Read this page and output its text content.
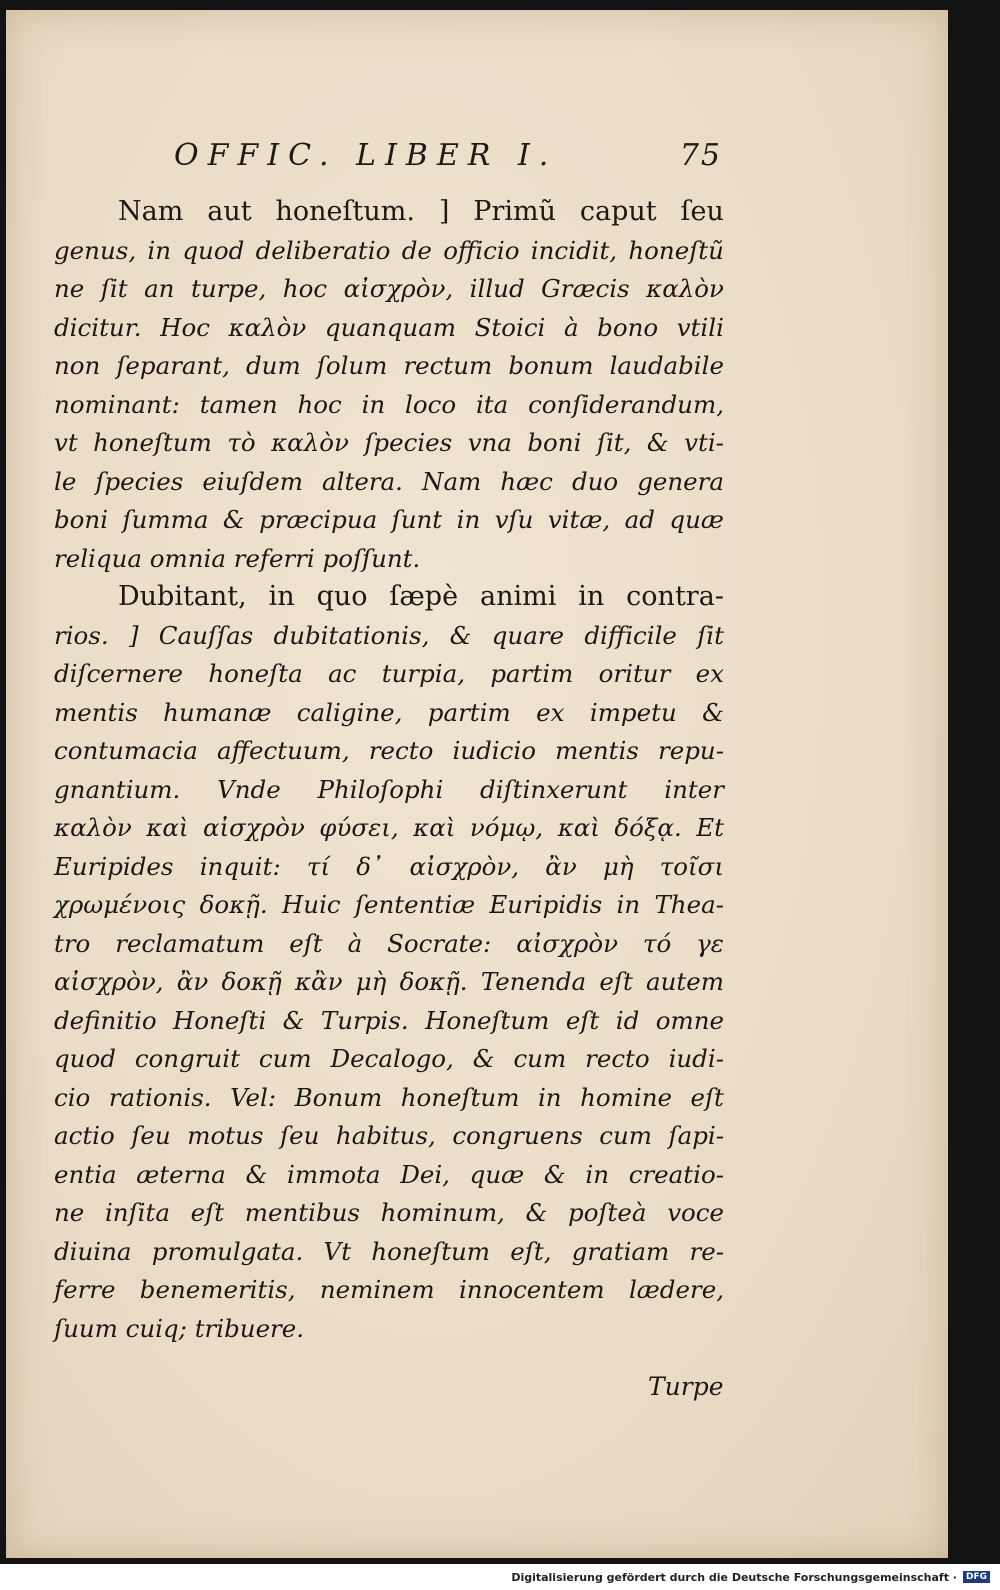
OFFIC. LIBER I.	75
Nam aut honeſtum. ] Primũ caput ſeu
genus, in quod deliberatio de officio incidit, honeſtũ
ne ſit an turpe, hoc αἰσχρὸν, illud Græcis καλὸν
dicitur. Hoc καλὸν quanquam Stoici à bono vtili
non ſeparant, dum ſolum rectum bonum laudabile
nominant: tamen hoc in loco ita conſiderandum,
vt honeſtum τὸ καλὸν ſpecies vna boni ſit, & vti-
le ſpecies eiuſdem altera. Nam hæc duo genera
boni ſumma & præcipua ſunt in vſu vitæ, ad quæ
reliqua omnia referri poſſunt.
Dubitant, in quo ſæpè animi in contra-
rios. ] Cauſſas dubitationis, & quare difficile ſit
diſcernere honeſta ac turpia, partim oritur ex
mentis humanæ caligine, partim ex impetu &
contumacia affectuum, recto iudicio mentis repu-
gnantium. Vnde Philoſophi diſtinxerunt inter
καλὸν καὶ αἰσχρὸν φύσει, καὶ νόμῳ, καὶ δόξᾳ. Et
Euripides inquit: τί δ᾿ αἰσχρὸν, ἂν μὴ τοῖσι
χρωμένοις δοκῇ. Huic ſententiæ Euripidis in Thea-
tro reclamatum eſt à Socrate: αἰσχρὸν τό γε
αἰσχρὸν, ἂν δοκῇ κἂν μὴ δοκῇ. Tenenda eſt autem
definitio Honeſti & Turpis. Honeſtum eſt id omne
quod congruit cum Decalogo, & cum recto iudi-
cio rationis. Vel: Bonum honeſtum in homine eſt
actio ſeu motus ſeu habitus, congruens cum ſapi-
entia æterna & immota Dei, quæ & in creatio-
ne inſita eſt mentibus hominum, & poſteà voce
diuina promulgata. Vt honeſtum eſt, gratiam re-
ferre benemeritis, neminem innocentem lædere,
ſuum cuiq; tribuere.
Turpe
Digitalisierung gefördert durch die Deutsche Forschungsgemeinschaft ·	DFG
